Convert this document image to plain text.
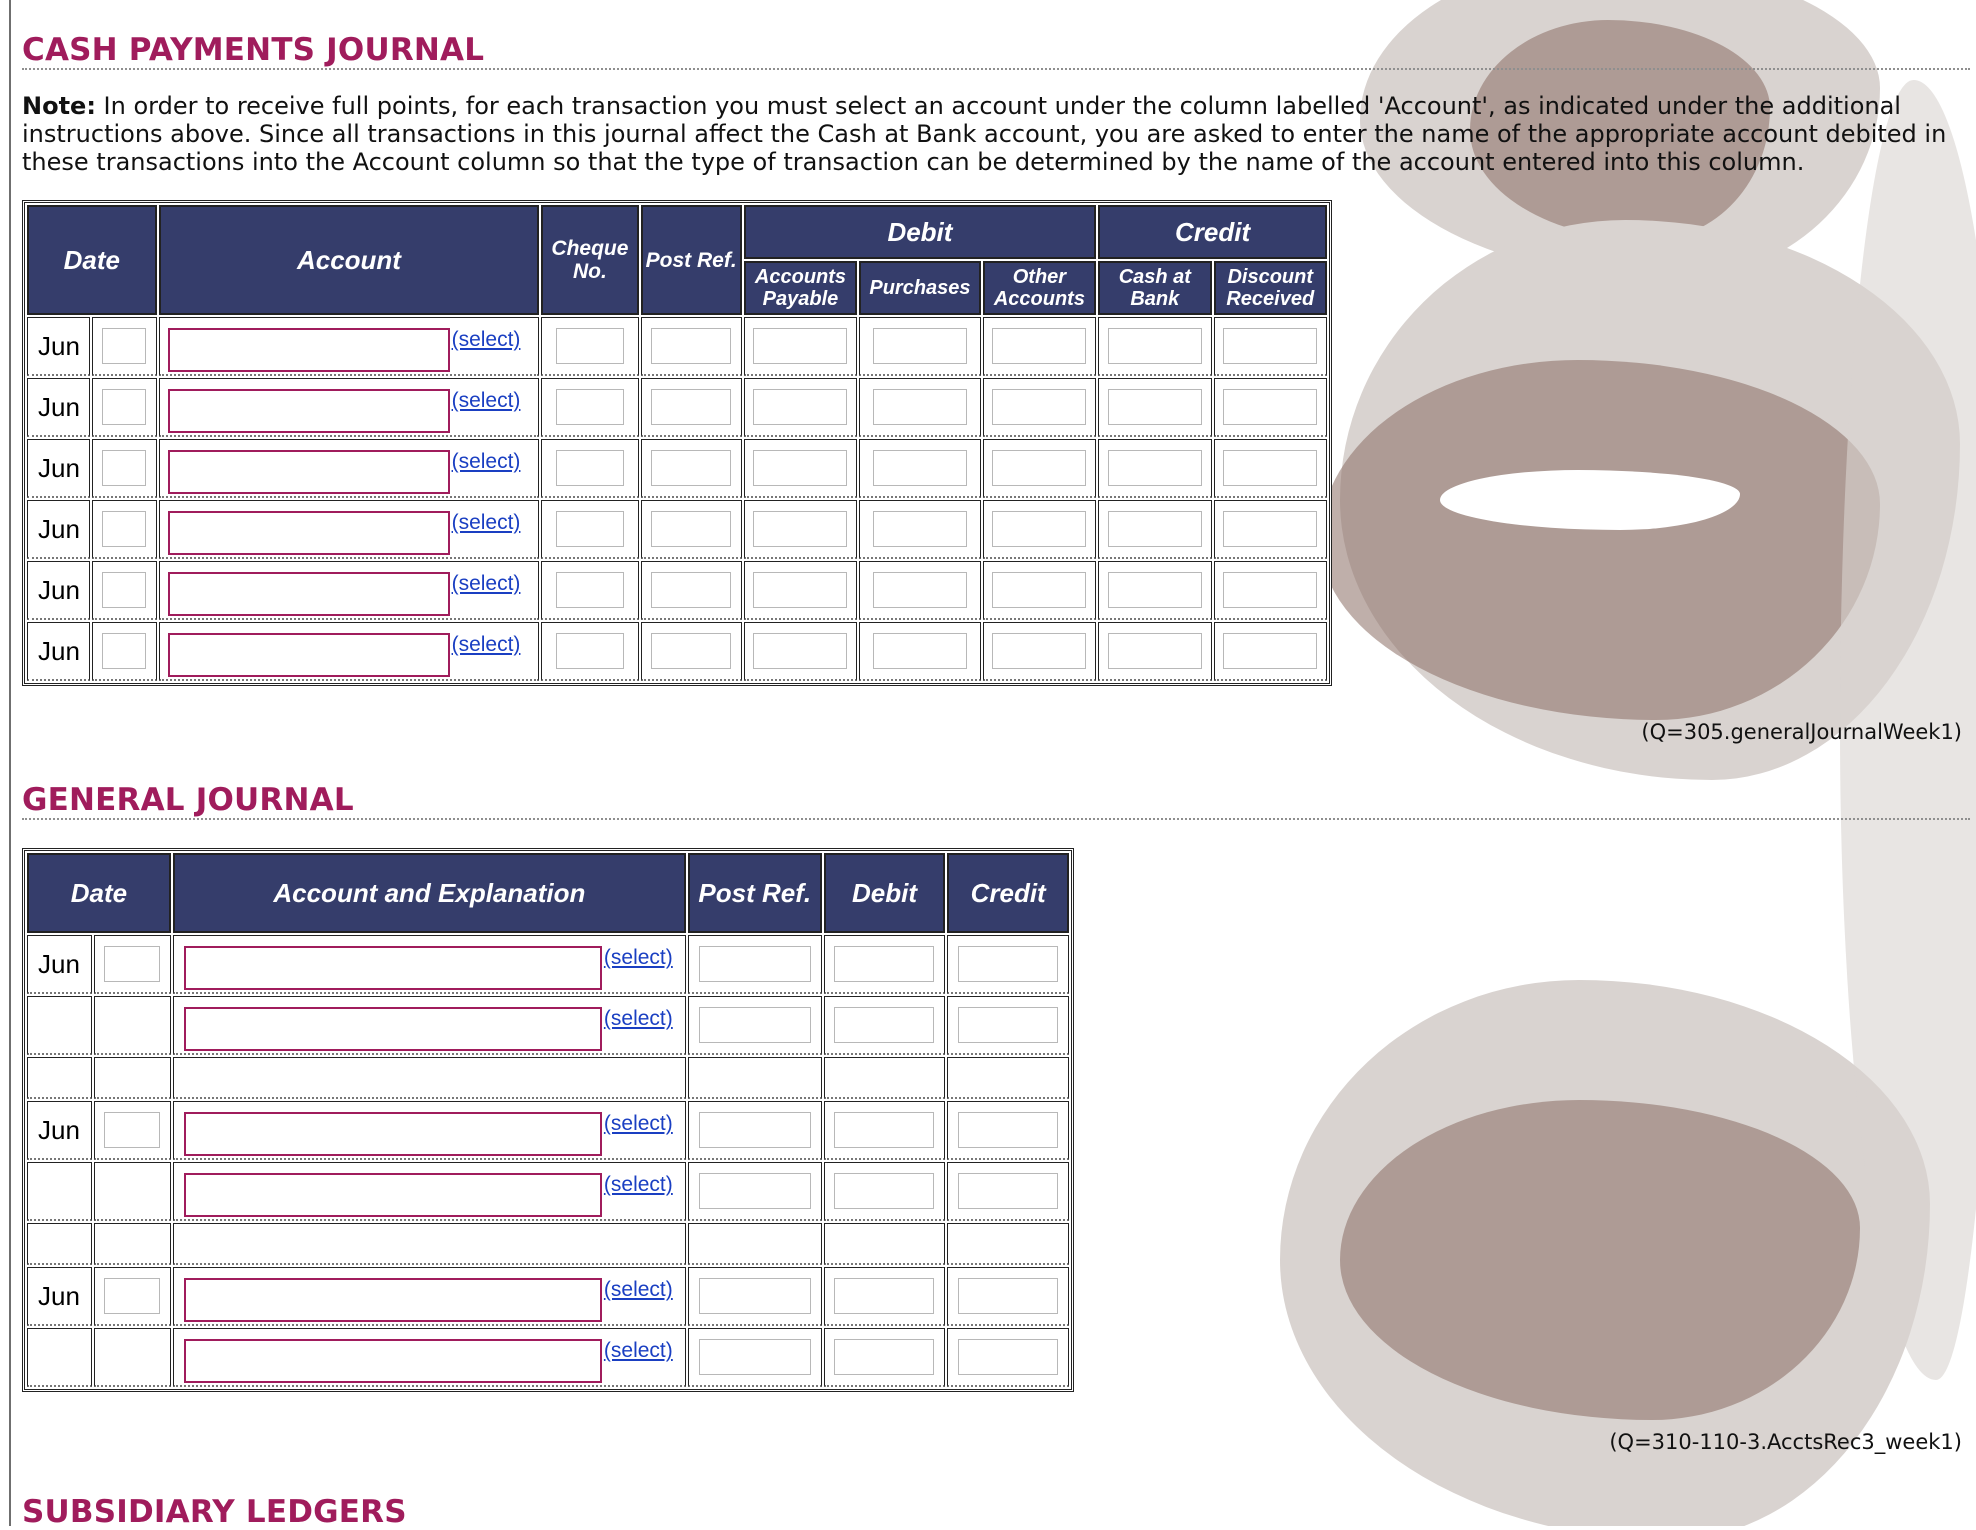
CASH PAYMENTS JOURNAL
Note: In order to receive full points, for each transaction you must select an account under the column labelled 'Account', as indicated under the additional instructions above. Since all transactions in this journal affect the Cash at Bank account, you are asked to enter the name of the appropriate account debited in these transactions into the Account column so that the type of transaction can be determined by the name of the account entered into this column.
Date		Account	Cheque No.	Post Ref.	Debit			Credit	
					Accounts Payable	Purchases	Other Accounts	Cash at Bank	Discount Received
Jun		(select)

Jun		(select)

Jun		(select)

Jun		(select)

Jun		(select)

Jun		(select)

(Q=305.generalJournalWeek1)
GENERAL JOURNAL
Date		Account and Explanation	Post Ref.	Debit	Credit
Jun		(select)

		(select)

Jun		(select)

		(select)

Jun		(select)

		(select)

(Q=310-110-3.AcctsRec3_week1)
SUBSIDIARY LEDGERS
